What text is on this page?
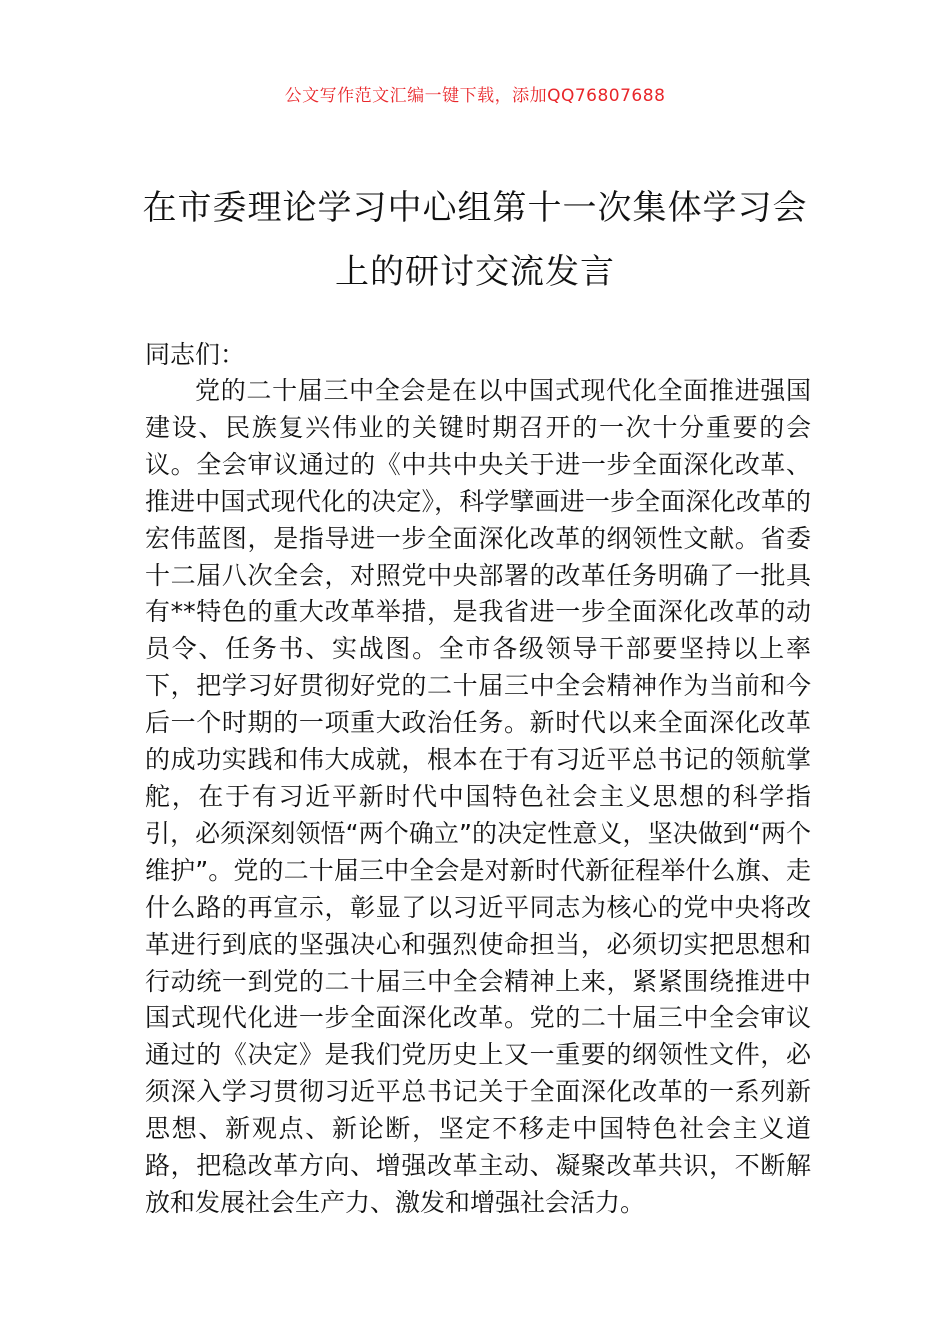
公文写作范文汇编一键下载，添加QQ76807688
在市委理论学习中心组第十一次集体学习会上的研讨交流发言

同志们：

党的二十届三中全会是在以中国式现代化全面推进强国建设、民族复兴伟业的关键时期召开的一次十分重要的会议。全会审议通过的《中共中央关于进一步全面深化改革、推进中国式现代化的决定》，科学擘画进一步全面深化改革的宏伟蓝图，是指导进一步全面深化改革的纲领性文献。省委十二届八次全会，对照党中央部署的改革任务明确了一批具有**特色的重大改革举措，是我省进一步全面深化改革的动员令、任务书、实战图。全市各级领导干部要坚持以上率下，把学习好贯彻好党的二十届三中全会精神作为当前和今后一个时期的一项重大政治任务。新时代以来全面深化改革的成功实践和伟大成就，根本在于有习近平总书记的领航掌舵，在于有习近平新时代中国特色社会主义思想的科学指引，必须深刻领悟“两个确立”的决定性意义，坚决做到“两个维护”。党的二十届三中全会是对新时代新征程举什么旗、走什么路的再宣示，彰显了以习近平同志为核心的党中央将改革进行到底的坚强决心和强烈使命担当，必须切实把思想和行动统一到党的二十届三中全会精神上来，紧紧围绕推进中国式现代化进一步全面深化改革。党的二十届三中全会审议通过的《决定》是我们党历史上又一重要的纲领性文件，必须深入学习贯彻习近平总书记关于全面深化改革的一系列新思想、新观点、新论断，坚定不移走中国特色社会主义道路，把稳改革方向、增强改革主动、凝聚改革共识，不断解放和发展社会生产力、激发和增强社会活力。
